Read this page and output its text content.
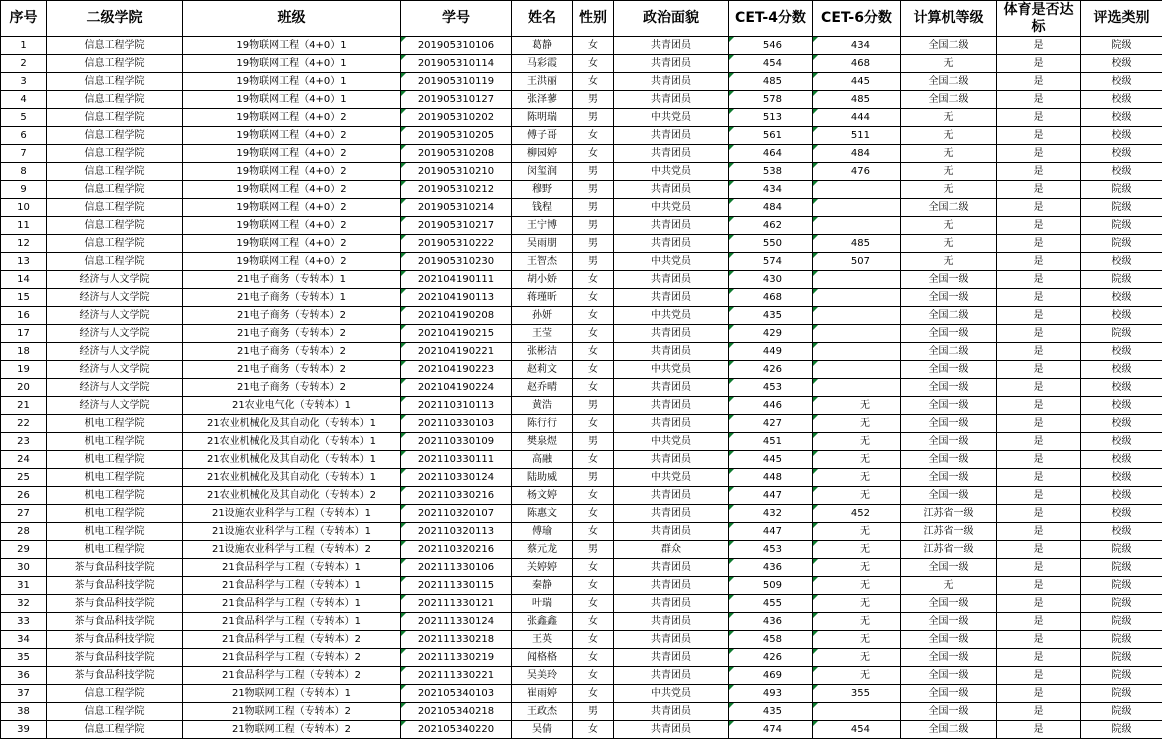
序号	二级学院	班级	学号	姓名	性别	政治面貌	CET-4分数	CET-6分数	计算机等级	体育是否达标	评选类别
1	信息工程学院	19物联网工程（4+0）1	201905310106	葛静	女	共青团员	546	434	全国二级	是	院级
2	信息工程学院	19物联网工程（4+0）1	201905310114	马彩霞	女	共青团员	454	468	无	是	校级
3	信息工程学院	19物联网工程（4+0）1	201905310119	王洪丽	女	共青团员	485	445	全国二级	是	校级
4	信息工程学院	19物联网工程（4+0）1	201905310127	张泽蓼	男	共青团员	578	485	全国二级	是	校级
5	信息工程学院	19物联网工程（4+0）2	201905310202	陈明瑞	男	中共党员	513	444	无	是	校级
6	信息工程学院	19物联网工程（4+0）2	201905310205	傅子哥	女	共青团员	561	511	无	是	校级
7	信息工程学院	19物联网工程（4+0）2	201905310208	柳园婷	女	共青团员	464	484	无	是	校级
8	信息工程学院	19物联网工程（4+0）2	201905310210	闵玺润	男	中共党员	538	476	无	是	校级
9	信息工程学院	19物联网工程（4+0）2	201905310212	穆野	男	共青团员	434		无	是	院级
10	信息工程学院	19物联网工程（4+0）2	201905310214	钱程	男	中共党员	484		全国二级	是	院级
11	信息工程学院	19物联网工程（4+0）2	201905310217	王宁博	男	共青团员	462		无	是	院级
12	信息工程学院	19物联网工程（4+0）2	201905310222	吴雨朋	男	共青团员	550	485	无	是	院级
13	信息工程学院	19物联网工程（4+0）2	201905310230	王智杰	男	中共党员	574	507	无	是	校级
14	经济与人文学院	21电子商务（专转本）1	202104190111	胡小娇	女	共青团员	430		全国一级	是	院级
15	经济与人文学院	21电子商务（专转本）1	202104190113	蒋瑾昕	女	共青团员	468		全国一级	是	校级
16	经济与人文学院	21电子商务（专转本）2	202104190208	孙妍	女	中共党员	435		全国二级	是	校级
17	经济与人文学院	21电子商务（专转本）2	202104190215	王莹	女	共青团员	429		全国一级	是	院级
18	经济与人文学院	21电子商务（专转本）2	202104190221	张彬洁	女	共青团员	449		全国二级	是	校级
19	经济与人文学院	21电子商务（专转本）2	202104190223	赵莉文	女	中共党员	426		全国一级	是	校级
20	经济与人文学院	21电子商务（专转本）2	202104190224	赵乔晴	女	共青团员	453		全国一级	是	校级
21	经济与人文学院	21农业电气化（专转本）1	202110310113	黄浩	男	共青团员	446	无	全国一级	是	校级
22	机电工程学院	21农业机械化及其自动化（专转本）1	202110330103	陈行行	女	共青团员	427	无	全国一级	是	校级
23	机电工程学院	21农业机械化及其自动化（专转本）1	202110330109	樊泉煜	男	中共党员	451	无	全国一级	是	校级
24	机电工程学院	21农业机械化及其自动化（专转本）1	202110330111	高融	女	共青团员	445	无	全国一级	是	校级
25	机电工程学院	21农业机械化及其自动化（专转本）1	202110330124	陆助威	男	中共党员	448	无	全国一级	是	校级
26	机电工程学院	21农业机械化及其自动化（专转本）2	202110330216	杨文婷	女	共青团员	447	无	全国一级	是	校级
27	机电工程学院	21设施农业科学与工程（专转本）1	202110320107	陈惠文	女	共青团员	432	452	江苏省一级	是	校级
28	机电工程学院	21设施农业科学与工程（专转本）1	202110320113	傅瑜	女	共青团员	447	无	江苏省一级	是	校级
29	机电工程学院	21设施农业科学与工程（专转本）2	202110320216	蔡元龙	男	群众	453	无	江苏省一级	是	院级
30	茶与食品科技学院	21食品科学与工程（专转本）1	202111330106	关婷婷	女	共青团员	436	无	全国一级	是	院级
31	茶与食品科技学院	21食品科学与工程（专转本）1	202111330115	秦静	女	共青团员	509	无	无	是	院级
32	茶与食品科技学院	21食品科学与工程（专转本）1	202111330121	叶瑞	女	共青团员	455	无	全国一级	是	院级
33	茶与食品科技学院	21食品科学与工程（专转本）1	202111330124	张鑫鑫	女	共青团员	436	无	全国一级	是	院级
34	茶与食品科技学院	21食品科学与工程（专转本）2	202111330218	王英	女	共青团员	458	无	全国一级	是	院级
35	茶与食品科技学院	21食品科学与工程（专转本）2	202111330219	闻格格	女	共青团员	426	无	全国一级	是	院级
36	茶与食品科技学院	21食品科学与工程（专转本）2	202111330221	吴美玲	女	共青团员	469	无	全国一级	是	院级
37	信息工程学院	21物联网工程（专转本）1	202105340103	崔雨婷	女	中共党员	493	355	全国一级	是	院级
38	信息工程学院	21物联网工程（专转本）2	202105340218	王政杰	男	共青团员	435		全国一级	是	院级
39	信息工程学院	21物联网工程（专转本）2	202105340220	吴倩	女	共青团员	474	454	全国二级	是	院级
